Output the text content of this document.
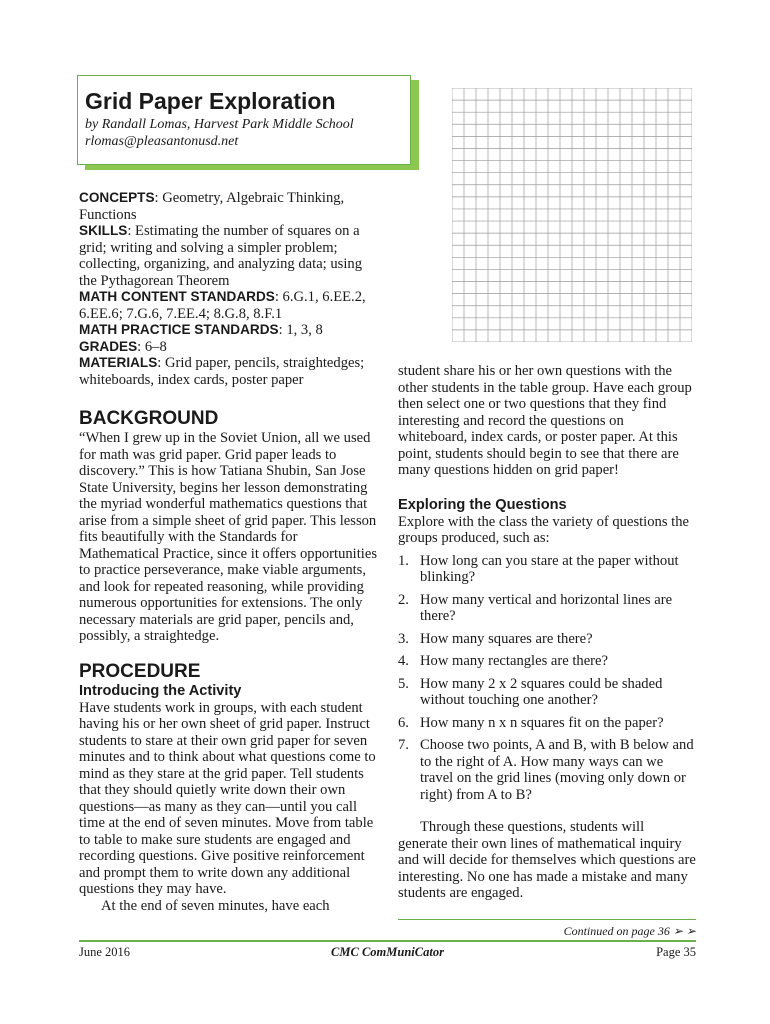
Grid Paper Exploration
by Randall Lomas, Harvest Park Middle School
rlomas@pleasantonusd.net

CONCEPTS: Geometry, Algebraic Thinking, Functions

SKILLS: Estimating the number of squares on a grid; writing and solving a simpler problem; collecting, organizing, and analyzing data; using the Pythagorean Theorem

MATH CONTENT STANDARDS: 6.G.1, 6.EE.2, 6.EE.6; 7.G.6, 7.EE.4; 8.G.8, 8.F.1

MATH PRACTICE STANDARDS: 1, 3, 8

GRADES: 6–8

MATERIALS: Grid paper, pencils, straightedges; whiteboards, index cards, poster paper

BACKGROUND

“When I grew up in the Soviet Union, all we used for math was grid paper. Grid paper leads to discovery.” This is how Tatiana Shubin, San Jose State University, begins her lesson demonstrating the myriad wonderful mathematics questions that arise from a simple sheet of grid paper. This lesson fits beautifully with the Standards for Mathematical Practice, since it offers opportunities to practice perseverance, make viable arguments, and look for repeated reasoning, while providing numerous opportunities for extensions. The only necessary materials are grid paper, pencils and, possibly, a straightedge.

PROCEDURE
Introducing the Activity

Have students work in groups, with each student having his or her own sheet of grid paper. Instruct students to stare at their own grid paper for seven minutes and to think about what questions come to mind as they stare at the grid paper. Tell students that they should quietly write down their own questions—as many as they can—until you call time at the end of seven minutes. Move from table to table to make sure students are engaged and recording questions. Give positive reinforcement and prompt them to write down any additional questions they may have.

At the end of seven minutes, have each

student share his or her own questions with the other students in the table group. Have each group then select one or two questions that they find interesting and record the questions on whiteboard, index cards, or poster paper. At this point, students should begin to see that there are many questions hidden on grid paper!

Exploring the Questions

Explore with the class the variety of questions the groups produced, such as:

1. How long can you stare at the paper without blinking?
2. How many vertical and horizontal lines are there?
3. How many squares are there?
4. How many rectangles are there?
5. How many 2 x 2 squares could be shaded without touching one another?
6. How many n x n squares fit on the paper?
7. Choose two points, A and B, with B below and to the right of A. How many ways can we travel on the grid lines (moving only down or right) from A to B?

Through these questions, students will generate their own lines of mathematical inquiry and will decide for themselves which questions are interesting. No one has made a mistake and many students are engaged.

Continued on page 36 ➢ ➢
June 2016	CMC ComMuniCator	Page 35
